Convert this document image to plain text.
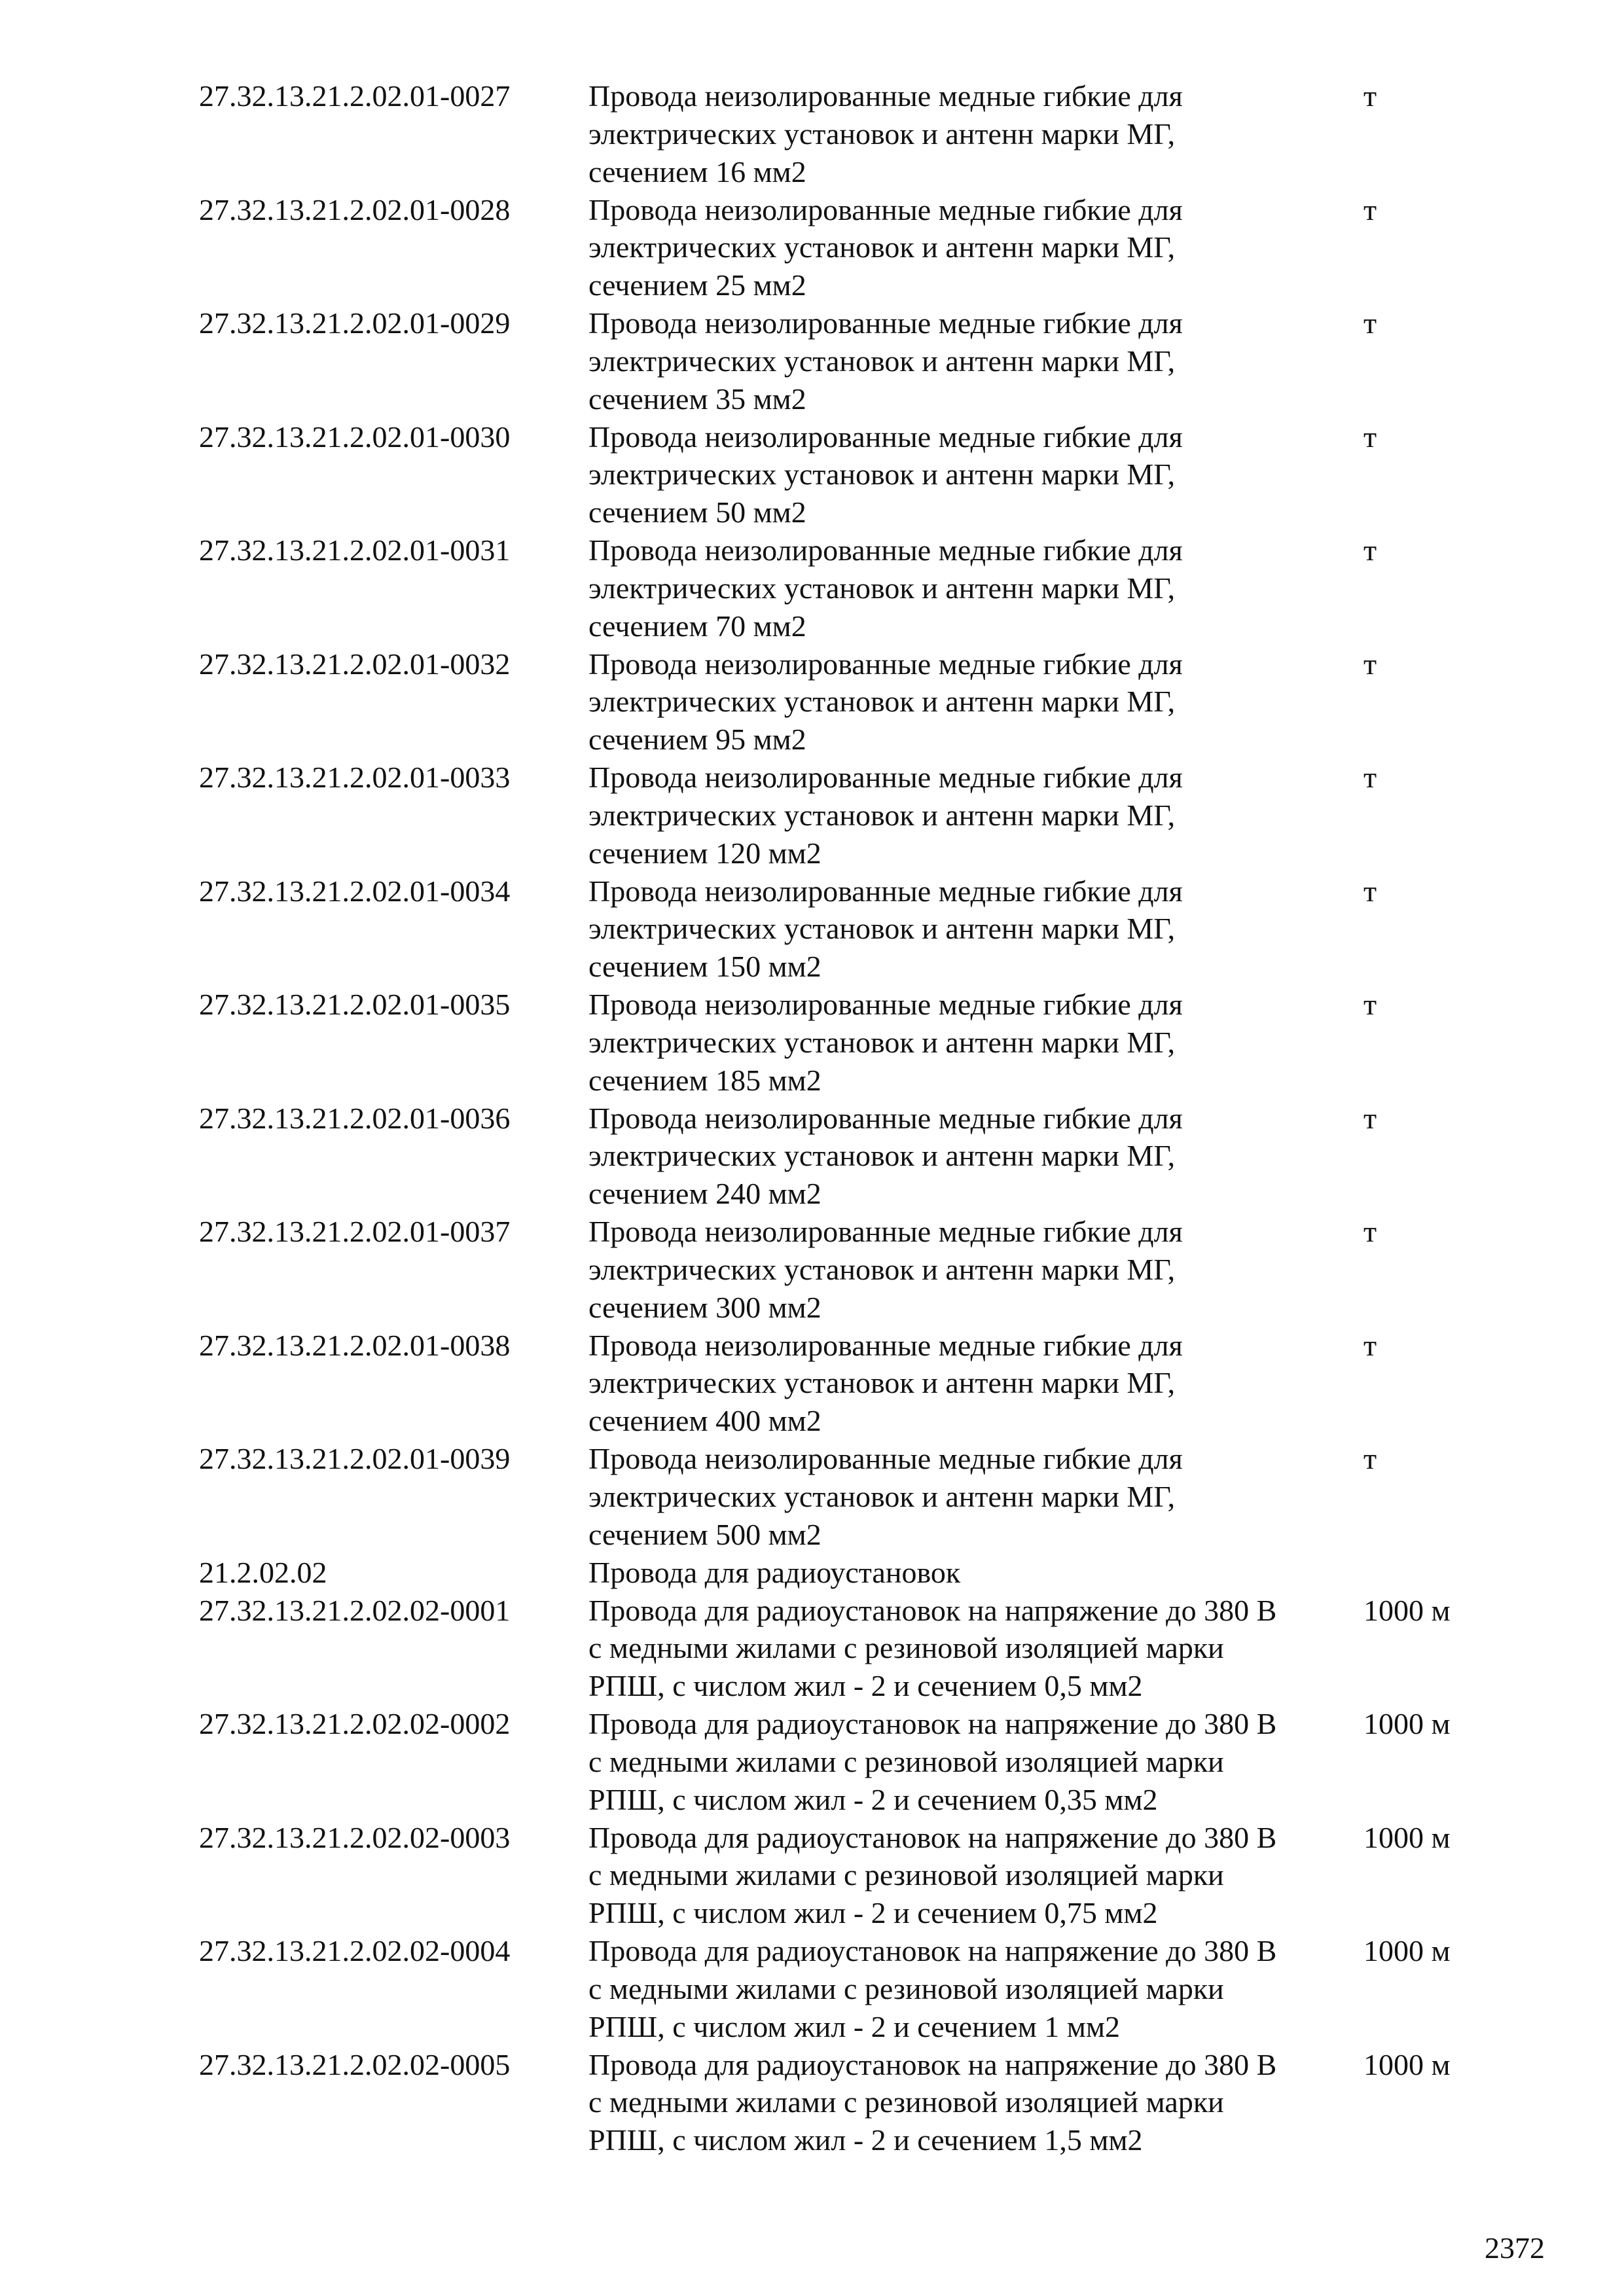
27.32.13.21.2.02.01-0027	Провода неизолированные медные гибкие для
электрических установок и антенн марки МГ,
сечением 16 мм2
т
27.32.13.21.2.02.01-0028	Провода неизолированные медные гибкие для
электрических установок и антенн марки МГ,
сечением 25 мм2
т
27.32.13.21.2.02.01-0029	Провода неизолированные медные гибкие для
электрических установок и антенн марки МГ,
сечением 35 мм2
т
27.32.13.21.2.02.01-0030	Провода неизолированные медные гибкие для
электрических установок и антенн марки МГ,
сечением 50 мм2
т
27.32.13.21.2.02.01-0031	Провода неизолированные медные гибкие для
электрических установок и антенн марки МГ,
сечением 70 мм2
т
27.32.13.21.2.02.01-0032	Провода неизолированные медные гибкие для
электрических установок и антенн марки МГ,
сечением 95 мм2
т
27.32.13.21.2.02.01-0033	Провода неизолированные медные гибкие для
электрических установок и антенн марки МГ,
сечением 120 мм2
т
27.32.13.21.2.02.01-0034	Провода неизолированные медные гибкие для
электрических установок и антенн марки МГ,
сечением 150 мм2
т
27.32.13.21.2.02.01-0035	Провода неизолированные медные гибкие для
электрических установок и антенн марки МГ,
сечением 185 мм2
т
27.32.13.21.2.02.01-0036	Провода неизолированные медные гибкие для
электрических установок и антенн марки МГ,
сечением 240 мм2
т
27.32.13.21.2.02.01-0037	Провода неизолированные медные гибкие для
электрических установок и антенн марки МГ,
сечением 300 мм2
т
27.32.13.21.2.02.01-0038	Провода неизолированные медные гибкие для
электрических установок и антенн марки МГ,
сечением 400 мм2
т
27.32.13.21.2.02.01-0039	Провода неизолированные медные гибкие для
электрических установок и антенн марки МГ,
сечением 500 мм2
т
21.2.02.02	Провода для радиоустановок
27.32.13.21.2.02.02-0001	Провода для радиоустановок на напряжение до 380 В
с медными жилами с резиновой изоляцией марки
РПШ, с числом жил - 2 и сечением 0,5 мм2
1000 м
27.32.13.21.2.02.02-0002	Провода для радиоустановок на напряжение до 380 В
с медными жилами с резиновой изоляцией марки
РПШ, с числом жил - 2 и сечением 0,35 мм2
1000 м
27.32.13.21.2.02.02-0003	Провода для радиоустановок на напряжение до 380 В
с медными жилами с резиновой изоляцией марки
РПШ, с числом жил - 2 и сечением 0,75 мм2
1000 м
27.32.13.21.2.02.02-0004	Провода для радиоустановок на напряжение до 380 В
с медными жилами с резиновой изоляцией марки
РПШ, с числом жил - 2 и сечением 1 мм2
1000 м
27.32.13.21.2.02.02-0005	Провода для радиоустановок на напряжение до 380 В
с медными жилами с резиновой изоляцией марки
РПШ, с числом жил - 2 и сечением 1,5 мм2
1000 м
2372
